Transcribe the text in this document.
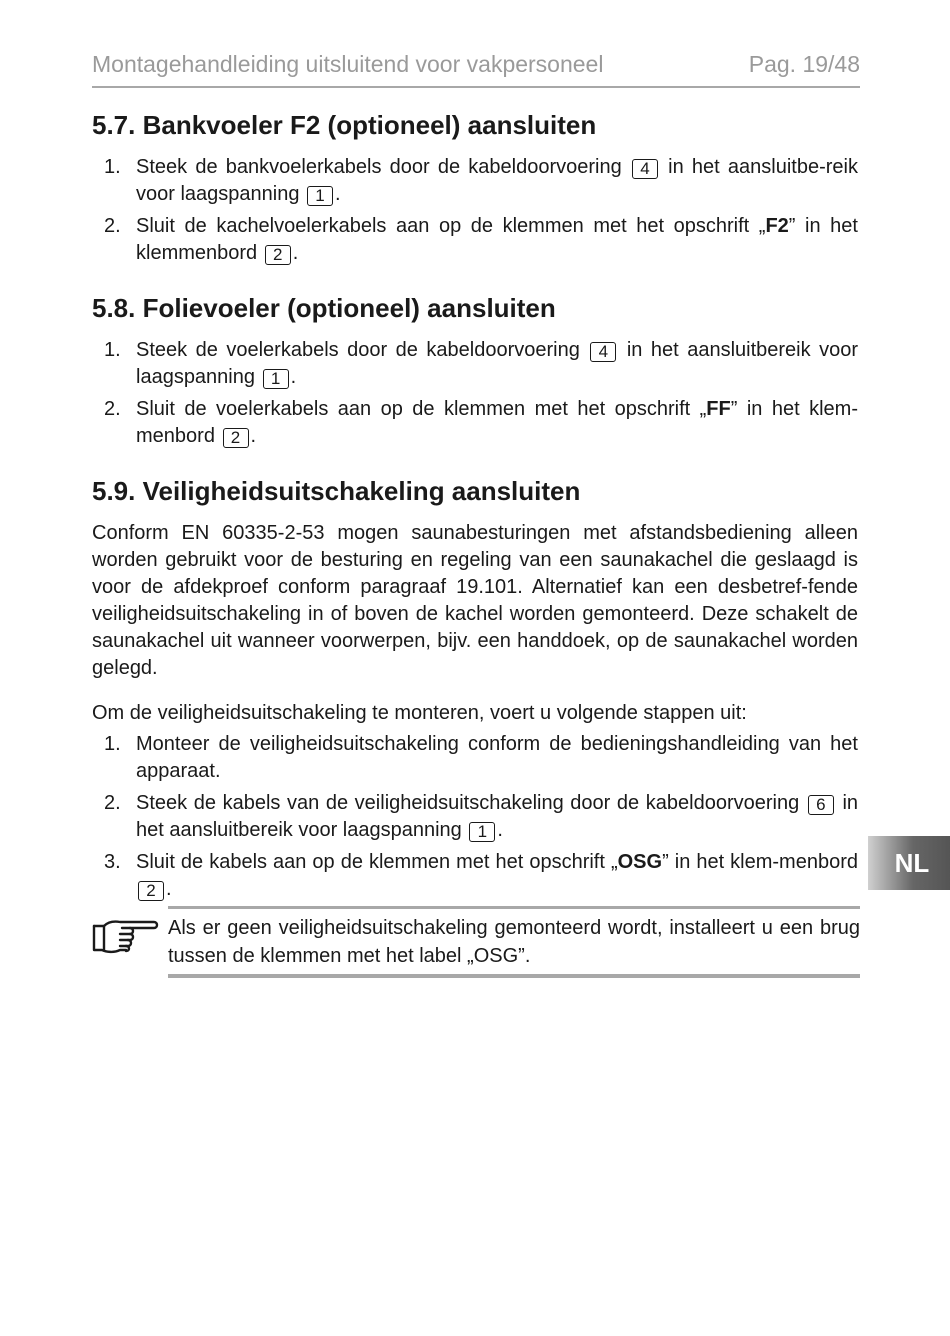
Montagehandleiding uitsluitend voor vakpersoneel	Pag. 19/48
5.7. Bankvoeler F2 (optioneel) aansluiten
1. Steek de bankvoelerkabels door de kabeldoorvoering 4 in het aansluitbe-reik voor laagspanning 1 .
2. Sluit de kachelvoelerkabels aan op de klemmen met het opschrift „F2” in het klemmenbord 2 .
5.8. Folievoeler (optioneel) aansluiten
1. Steek de voelerkabels door de kabeldoorvoering 4 in het aansluitbereik voor laagspanning 1 .
2. Sluit de voelerkabels aan op de klemmen met het opschrift „FF” in het klem-menbord 2 .
5.9. Veiligheidsuitschakeling aansluiten

Conform EN 60335-2-53 mogen saunabesturingen met afstandsbediening alleen worden gebruikt voor de besturing en regeling van een saunakachel die geslaagd is voor de afdekproef conform paragraaf 19.101. Alternatief kan een desbetref-fende veiligheidsuitschakeling in of boven de kachel worden gemonteerd. Deze schakelt de saunakachel uit wanneer voorwerpen, bijv. een handdoek, op de saunakachel worden gelegd.

Om de veiligheidsuitschakeling te monteren, voert u volgende stappen uit:

1. Monteer de veiligheidsuitschakeling conform de bedieningshandleiding van het apparaat.
2. Steek de kabels van de veiligheidsuitschakeling door de kabeldoorvoering 6 in het aansluitbereik voor laagspanning 1 .
3. Sluit de kabels aan op de klemmen met het opschrift „OSG” in het klem-menbord 2 .
Als er geen veiligheidsuitschakeling gemonteerd wordt, installeert u een brug tussen de klemmen met het label „OSG”.
NL
